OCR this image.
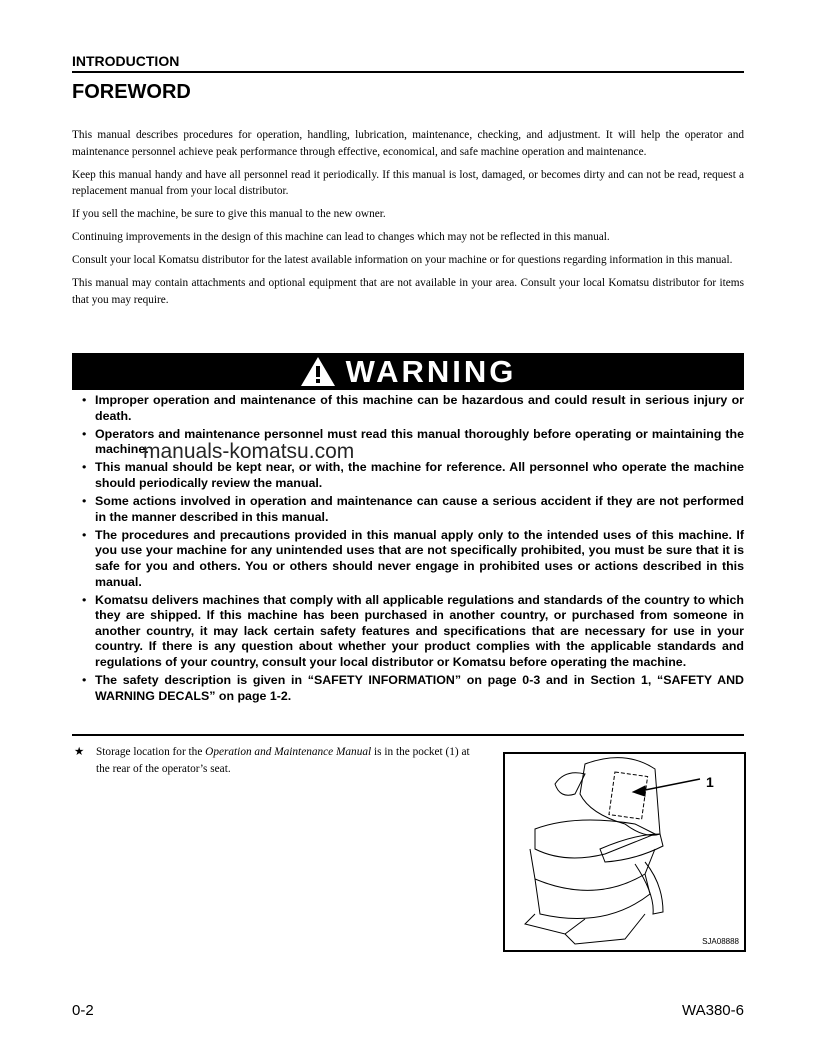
INTRODUCTION
FOREWORD

This manual describes procedures for operation, handling, lubrication, maintenance, checking, and adjustment. It will help the operator and maintenance personnel achieve peak performance through effective, economical, and safe machine operation and maintenance.

Keep this manual handy and have all personnel read it periodically. If this manual is lost, damaged, or becomes dirty and can not be read, request a replacement manual from your local distributor.

If you sell the machine, be sure to give this manual to the new owner.

Continuing improvements in the design of this machine can lead to changes which may not be reflected in this manual.

Consult your local Komatsu distributor for the latest available information on your machine or for questions regarding information in this manual.

This manual may contain attachments and optional equipment that are not available in your area. Consult your local Komatsu distributor for items that you may require.

WARNING
• Improper operation and maintenance of this machine can be hazardous and could result in serious injury or death.
• Operators and maintenance personnel must read this manual thoroughly before operating or maintaining the machine.
• This manual should be kept near, or with, the machine for reference. All personnel who operate the machine should periodically review the manual.
• Some actions involved in operation and maintenance can cause a serious accident if they are not performed in the manner described in this manual.
• The procedures and precautions provided in this manual apply only to the intended uses of this machine. If you use your machine for any unintended uses that are not specifically prohibited, you must be sure that it is safe for you and others. You or others should never engage in prohibited uses or actions described in this manual.
• Komatsu delivers machines that comply with all applicable regulations and standards of the country to which they are shipped. If this machine has been purchased in another country, or purchased from someone in another country, it may lack certain safety features and specifications that are necessary for use in your country. If there is any question about whether your product complies with the applicable standards and regulations of your country, consult your local distributor or Komatsu before operating the machine.
• The safety description is given in “SAFETY INFORMATION” on page 0-3 and in Section 1, “SAFETY AND WARNING DECALS” on page 1-2.
manuals-komatsu.com
★ Storage location for the Operation and Maintenance Manual is in the pocket (1) at the rear of the operator’s seat.
1
SJA08888
0-2	WA380-6
